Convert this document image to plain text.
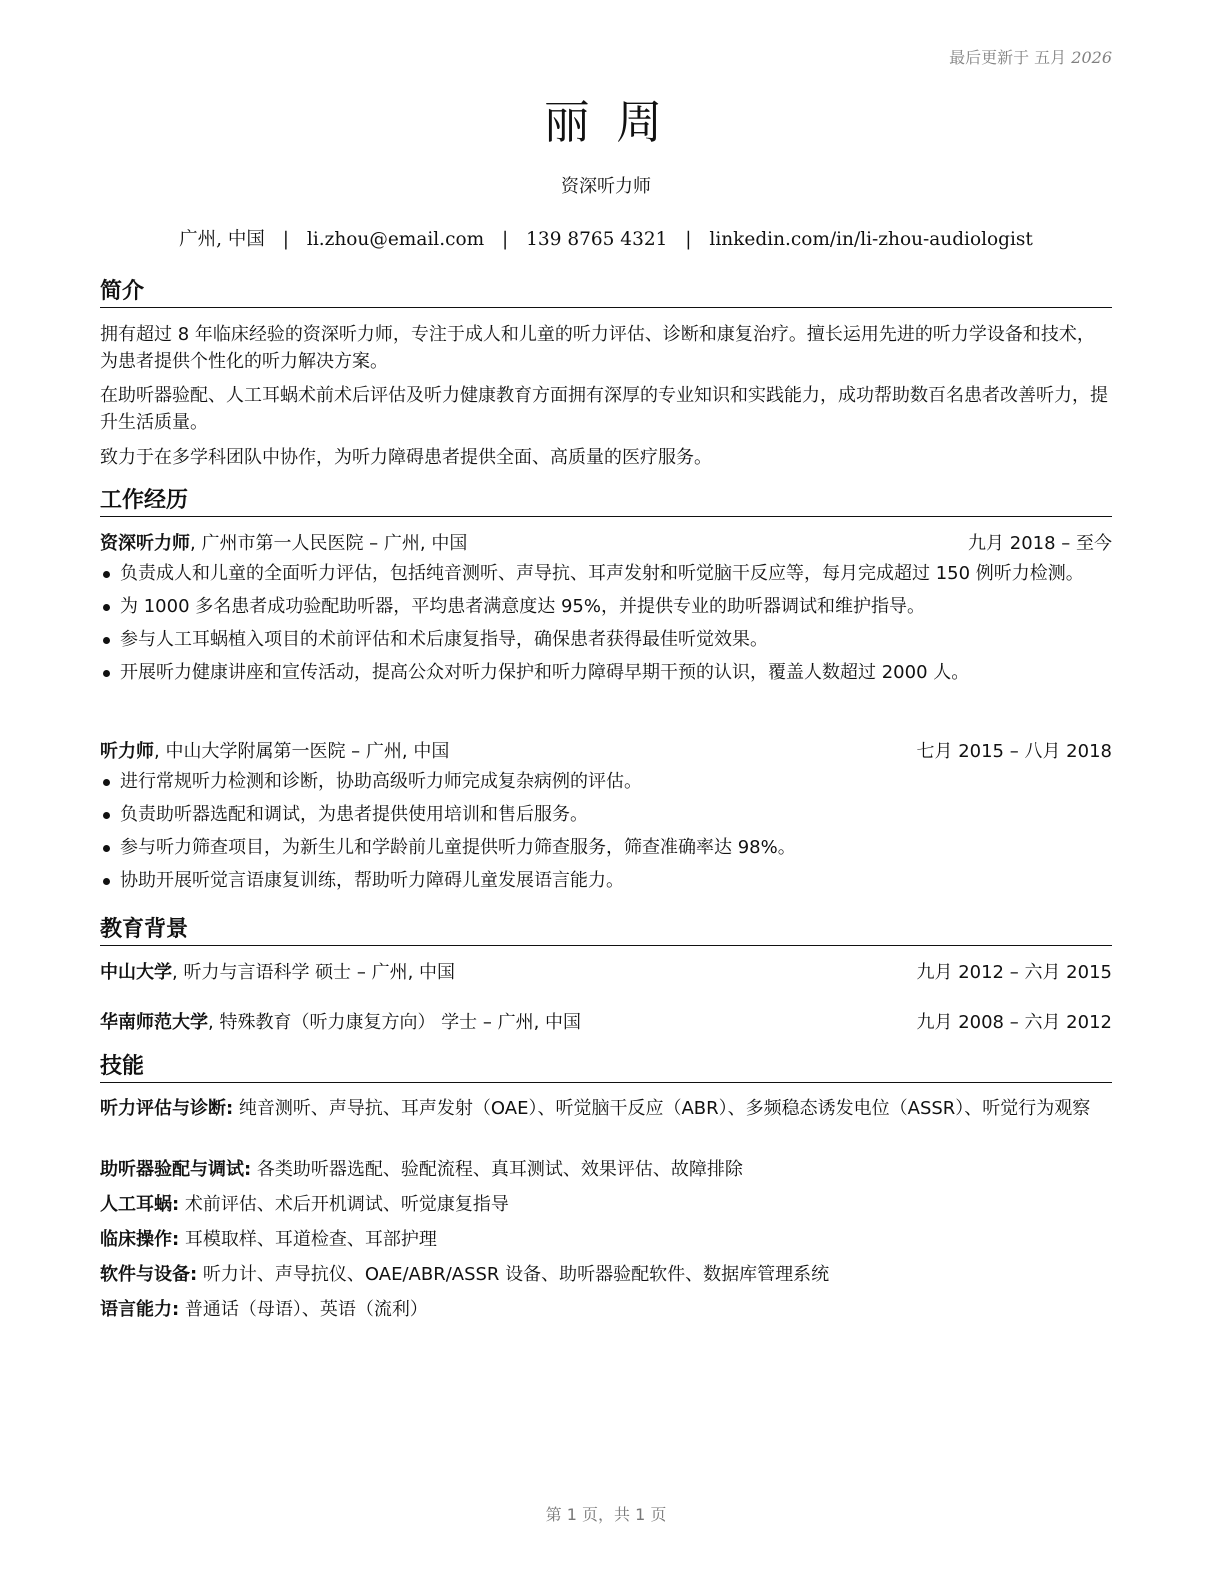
最后更新于 五月 2026
丽 周
资深听力师
广州, 中国 | li.zhou@email.com | 139 8765 4321 | linkedin.com/in/li-zhou-audiologist
简介
拥有超过 8 年临床经验的资深听力师，专注于成人和儿童的听力评估、诊断和康复治疗。擅长运用先进的听力学设备和技术，为患者提供个性化的听力解决方案。
在助听器验配、人工耳蜗术前术后评估及听力健康教育方面拥有深厚的专业知识和实践能力，成功帮助数百名患者改善听力，提升生活质量。
致力于在多学科团队中协作，为听力障碍患者提供全面、高质量的医疗服务。
工作经历
资深听力师, 广州市第一人民医院 – 广州, 中国	九月 2018 – 至今
负责成人和儿童的全面听力评估，包括纯音测听、声导抗、耳声发射和听觉脑干反应等，每月完成超过 150 例听力检测。
为 1000 多名患者成功验配助听器，平均患者满意度达 95%，并提供专业的助听器调试和维护指导。
参与人工耳蜗植入项目的术前评估和术后康复指导，确保患者获得最佳听觉效果。
开展听力健康讲座和宣传活动，提高公众对听力保护和听力障碍早期干预的认识，覆盖人数超过 2000 人。
听力师, 中山大学附属第一医院 – 广州, 中国	七月 2015 – 八月 2018
进行常规听力检测和诊断，协助高级听力师完成复杂病例的评估。
负责助听器选配和调试，为患者提供使用培训和售后服务。
参与听力筛查项目，为新生儿和学龄前儿童提供听力筛查服务，筛查准确率达 98%。
协助开展听觉言语康复训练，帮助听力障碍儿童发展语言能力。
教育背景
中山大学, 听力与言语科学 硕士 – 广州, 中国	九月 2012 – 六月 2015
华南师范大学, 特殊教育（听力康复方向） 学士 – 广州, 中国	九月 2008 – 六月 2012
技能
听力评估与诊断: 纯音测听、声导抗、耳声发射（OAE）、听觉脑干反应（ABR）、多频稳态诱发电位（ASSR）、听觉行为观察
助听器验配与调试: 各类助听器选配、验配流程、真耳测试、效果评估、故障排除
人工耳蜗: 术前评估、术后开机调试、听觉康复指导
临床操作: 耳模取样、耳道检查、耳部护理
软件与设备: 听力计、声导抗仪、OAE/ABR/ASSR 设备、助听器验配软件、数据库管理系统
语言能力: 普通话（母语）、英语（流利）
第 1 页，共 1 页
